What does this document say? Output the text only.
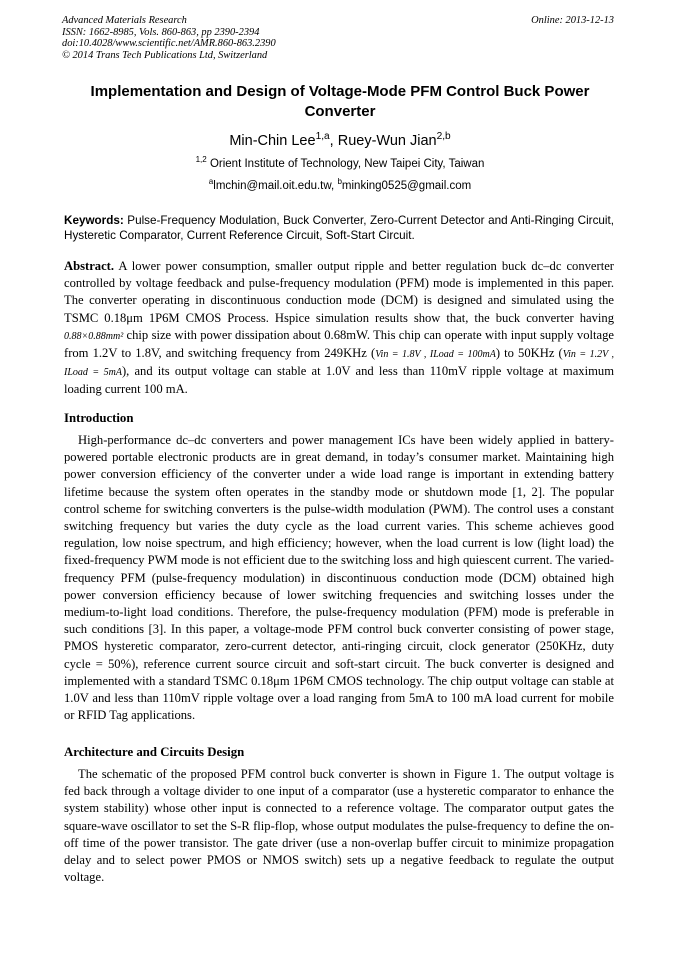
Advanced Materials Research
ISSN: 1662-8985, Vols. 860-863, pp 2390-2394
doi:10.4028/www.scientific.net/AMR.860-863.2390
© 2014 Trans Tech Publications Ltd, Switzerland
Online: 2013-12-13
Implementation and Design of Voltage-Mode PFM Control Buck Power Converter
Min-Chin Lee$^{1,a}$, Ruey-Wun Jian$^{2,b}$
$^{1,2}$ Orient Institute of Technology, New Taipei City, Taiwan
$^a$lmchin@mail.oit.edu.tw, $^b$minking0525@gmail.com
Keywords: Pulse-Frequency Modulation, Buck Converter, Zero-Current Detector and Anti-Ringing Circuit, Hysteretic Comparator, Current Reference Circuit, Soft-Start Circuit.
Abstract. A lower power consumption, smaller output ripple and better regulation buck dc–dc converter controlled by voltage feedback and pulse-frequency modulation (PFM) mode is implemented in this paper. The converter operating in discontinuous conduction mode (DCM) is designed and simulated using the TSMC 0.18μm 1P6M CMOS Process. Hspice simulation results show that, the buck converter having 0.88×0.88mm² chip size with power dissipation about 0.68mW. This chip can operate with input supply voltage from 1.2V to 1.8V, and switching frequency from 249KHz (Vin = 1.8V , ILoad = 100mA) to 50KHz (Vin = 1.2V , ILoad = 5mA), and its output voltage can stable at 1.0V and less than 110mV ripple voltage at maximum loading current 100 mA.
Introduction
High-performance dc–dc converters and power management ICs have been widely applied in battery-powered portable electronic products are in great demand, in today’s consumer market. Maintaining high power conversion efficiency of the converter under a wide load range is important in extending battery lifetime because the system often operates in the standby mode or shutdown mode [1, 2]. The popular control scheme for switching converters is the pulse-width modulation (PWM). The control uses a constant switching frequency but varies the duty cycle as the load current varies. This scheme achieves good regulation, low noise spectrum, and high efficiency; however, when the load current is low (light load) the fixed-frequency PWM mode is not efficient due to the switching loss and high quiescent current. The varied-frequency PFM (pulse-frequency modulation) in discontinuous conduction mode (DCM) obtained high power conversion efficiency because of lower switching frequencies and switching losses under the medium-to-light load conditions. Therefore, the pulse-frequency modulation (PFM) mode is preferable in such conditions [3]. In this paper, a voltage-mode PFM control buck converter consisting of power stage, PMOS hysteretic comparator, zero-current detector, anti-ringing circuit, clock generator (250KHz, duty cycle = 50%), reference current source circuit and soft-start circuit. The buck converter is designed and implemented with a standard TSMC 0.18μm 1P6M CMOS technology. The chip output voltage can stable at 1.0V and less than 110mV ripple voltage over a load ranging from 5mA to 100 mA load current for mobile or RFID Tag applications.
Architecture and Circuits Design
The schematic of the proposed PFM control buck converter is shown in Figure 1. The output voltage is fed back through a voltage divider to one input of a comparator (use a hysteretic comparator to enhance the system stability) whose other input is connected to a reference voltage. The comparator output gates the square-wave oscillator to set the S-R flip-flop, whose output modulates the pulse-frequency to define the on-off time of the power transistor. The gate driver (use a non-overlap buffer circuit to minimize propagation delay and to select power PMOS or NMOS switch) sets up a negative feedback to regulate the output voltage.
